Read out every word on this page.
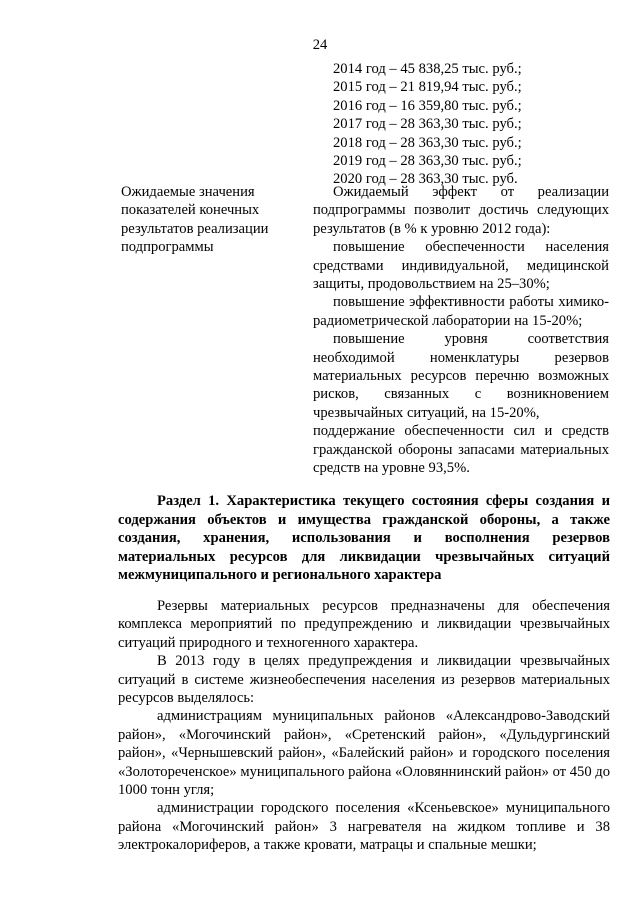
24
2014 год – 45 838,25 тыс. руб.;
2015 год – 21 819,94 тыс. руб.;
2016 год – 16 359,80 тыс. руб.;
2017 год – 28 363,30 тыс. руб.;
2018 год – 28 363,30 тыс. руб.;
2019 год – 28 363,30 тыс. руб.;
2020 год – 28 363,30 тыс. руб.
Ожидаемые значения показателей конечных результатов реализации подпрограммы

Ожидаемый эффект от реализации подпрограммы позволит достичь следующих результатов (в % к уровню 2012 года):

повышение обеспеченности населения средствами индивидуальной, медицинской защиты, продовольствием на 25–30%;

повышение эффективности работы химико-радиометрической лаборатории на 15-20%;

повышение уровня соответствия необходимой номенклатуры резервов материальных ресурсов перечню возможных рисков, связанных с возникновением чрезвычайных ситуаций, на 15-20%,

поддержание обеспеченности сил и средств гражданской обороны запасами материальных средств на уровне 93,5%.

Раздел 1. Характеристика текущего состояния сферы создания и содержания объектов и имущества гражданской обороны, а также создания, хранения, использования и восполнения резервов материальных ресурсов для ликвидации чрезвычайных ситуаций межмуниципального и регионального характера

Резервы материальных ресурсов предназначены для обеспечения комплекса мероприятий по предупреждению и ликвидации чрезвычайных ситуаций природного и техногенного характера.

В 2013 году в целях предупреждения и ликвидации чрезвычайных ситуаций в системе жизнеобеспечения населения из резервов материальных ресурсов выделялось:

администрациям муниципальных районов «Александрово-Заводский район», «Могочинский район», «Сретенский район», «Дульдургинский район», «Чернышевский район», «Балейский район» и городского поселения «Золотореченское» муниципального района «Оловяннинский район» от 450 до 1000 тонн угля;

администрации городского поселения «Ксеньевское» муниципального района «Могочинский район» 3 нагревателя на жидком топливе и 38 электрокалориферов, а также кровати, матрацы и спальные мешки;
